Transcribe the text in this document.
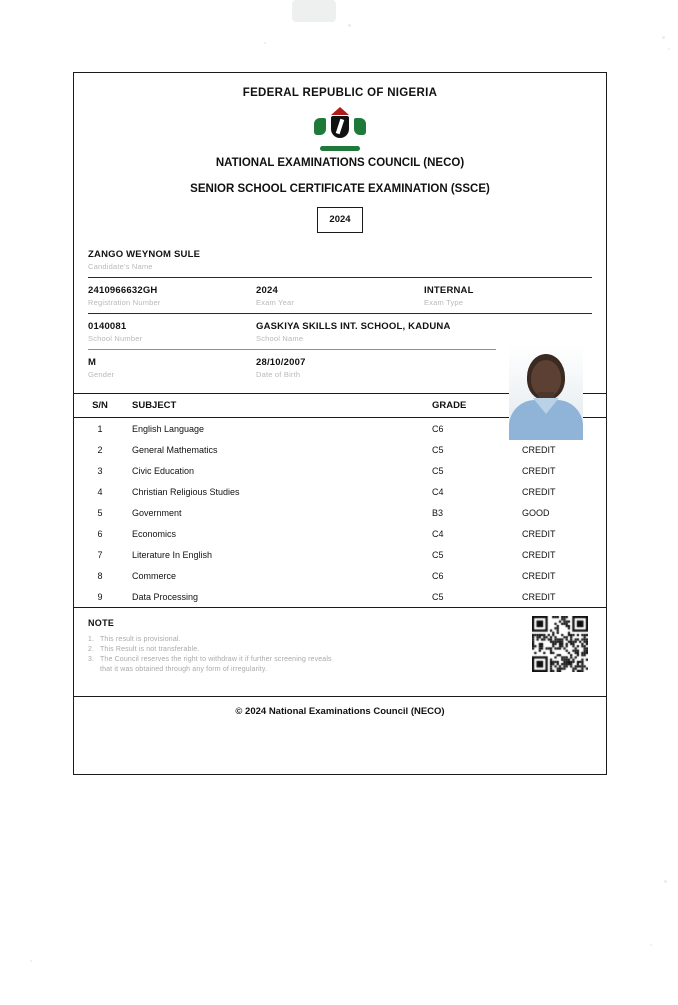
FEDERAL REPUBLIC OF NIGERIA
NATIONAL EXAMINATIONS COUNCIL (NECO)
SENIOR SCHOOL CERTIFICATE EXAMINATION (SSCE)
2024
ZANGO WEYNOM SULE
Candidate's Name
2410966632GH
Registration Number
2024
Exam Year
INTERNAL
Exam Type
0140081
School Number
GASKIYA SKILLS INT. SCHOOL, KADUNA
School Name
M
Gender
28/10/2007
Date of Birth
S/N	SUBJECT	GRADE
1	English Language	C6
2	General Mathematics	C5	CREDIT
3	Civic Education	C5	CREDIT
4	Christian Religious Studies	C4	CREDIT
5	Government	B3	GOOD
6	Economics	C4	CREDIT
7	Literature In English	C5	CREDIT
8	Commerce	C6	CREDIT
9	Data Processing	C5	CREDIT
NOTE
1. This result is provisional.
2. This Result is not transferable.
3. The Council reserves the right to withdraw it if further screening reveals
that it was obtained through any form of irregularity.
© 2024 National Examinations Council (NECO)
